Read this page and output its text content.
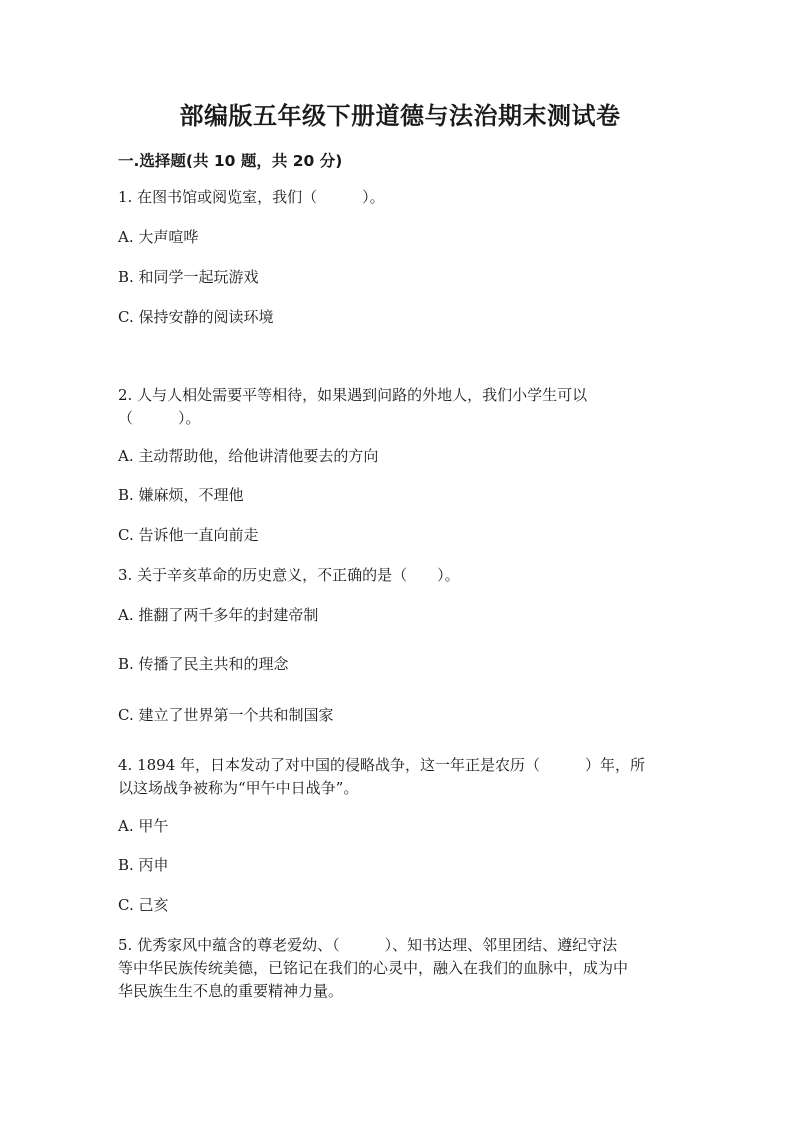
部编版五年级下册道德与法治期末测试卷
一.选择题(共 10 题，共 20 分)
1. 在图书馆或阅览室，我们（　　　）。
A. 大声喧哗
B. 和同学一起玩游戏
C. 保持安静的阅读环境
2. 人与人相处需要平等相待，如果遇到问路的外地人，我们小学生可以
（　　　）。
A. 主动帮助他，给他讲清他要去的方向
B. 嫌麻烦，不理他
C. 告诉他一直向前走
3. 关于辛亥革命的历史意义，不正确的是（　　）。
A. 推翻了两千多年的封建帝制
B. 传播了民主共和的理念
C. 建立了世界第一个共和制国家
4. 1894 年，日本发动了对中国的侵略战争，这一年正是农历（　　　）年，所
以这场战争被称为“甲午中日战争”。
A. 甲午
B. 丙申
C. 己亥
5. 优秀家风中蕴含的尊老爱幼、（　　　）、知书达理、邻里团结、遵纪守法
等中华民族传统美德，已铭记在我们的心灵中，融入在我们的血脉中，成为中
华民族生生不息的重要精神力量。
